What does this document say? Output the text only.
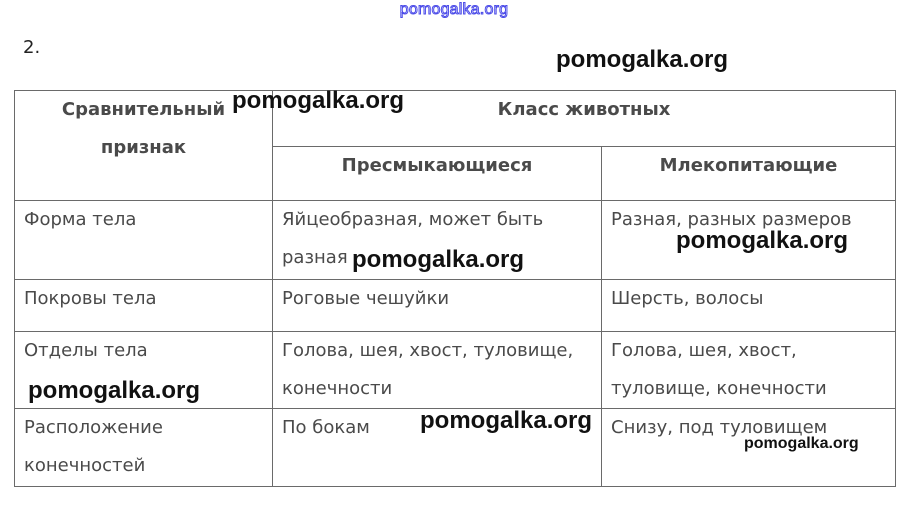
pomogalka.org
2.
Сравнительный признак	Класс животных	
	Пресмыкающиеся	Млекопитающие
Форма тела	Яйцеобразная, может быть разная	Разная, разных размеров
Покровы тела	Роговые чешуйки	Шерсть, волосы
Отделы тела	Голова, шея, хвост, туловище, конечности	Голова, шея, хвост, туловище, конечности
Расположение конечностей	По бокам	Снизу, под туловищем
pomogalka.org
pomogalka.org
pomogalka.org
pomogalka.org
pomogalka.org
pomogalka.org
pomogalka.org
